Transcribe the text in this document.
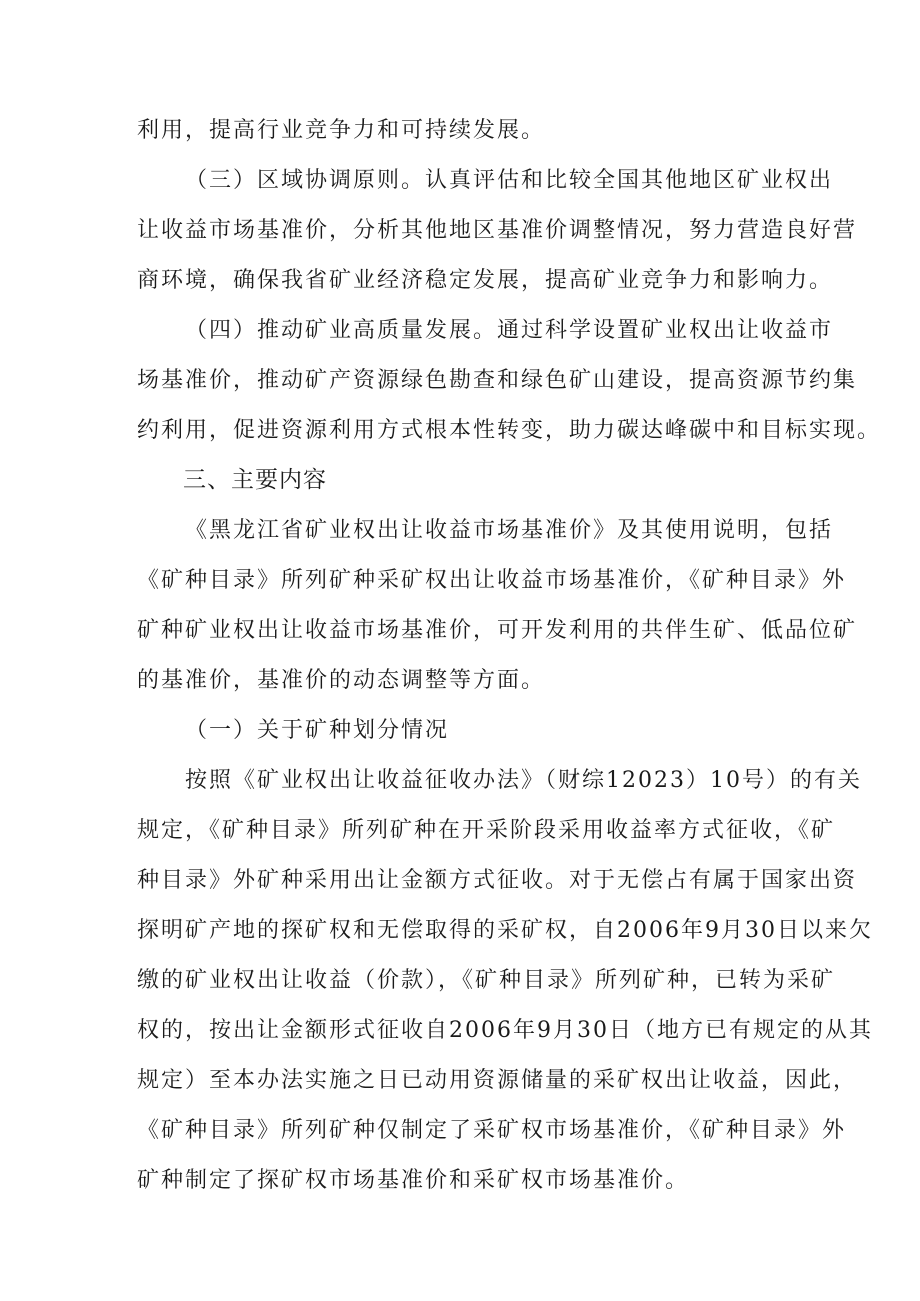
利用，提高行业竞争力和可持续发展。
（三）区域协调原则。认真评估和比较全国其他地区矿业权出
让收益市场基准价，分析其他地区基准价调整情况，努力营造良好营
商环境，确保我省矿业经济稳定发展，提高矿业竞争力和影响力。
（四）推动矿业高质量发展。通过科学设置矿业权出让收益市
场基准价，推动矿产资源绿色勘查和绿色矿山建设，提高资源节约集
约利用，促进资源利用方式根本性转变，助力碳达峰碳中和目标实现。
三、主要内容
《黑龙江省矿业权出让收益市场基准价》及其使用说明，包括
《矿种目录》所列矿种采矿权出让收益市场基准价，《矿种目录》外
矿种矿业权出让收益市场基准价，可开发利用的共伴生矿、低品位矿
的基准价，基准价的动态调整等方面。
（一）关于矿种划分情况
按照《矿业权出让收益征收办法》（财综12023）10号）的有关
规定，《矿种目录》所列矿种在开采阶段采用收益率方式征收，《矿
种目录》外矿种采用出让金额方式征收。对于无偿占有属于国家出资
探明矿产地的探矿权和无偿取得的采矿权，自2006年9月30日以来欠
缴的矿业权出让收益（价款），《矿种目录》所列矿种，已转为采矿
权的，按出让金额形式征收自2006年9月30日（地方已有规定的从其
规定）至本办法实施之日已动用资源储量的采矿权出让收益，因此，
《矿种目录》所列矿种仅制定了采矿权市场基准价，《矿种目录》外
矿种制定了探矿权市场基准价和采矿权市场基准价。
